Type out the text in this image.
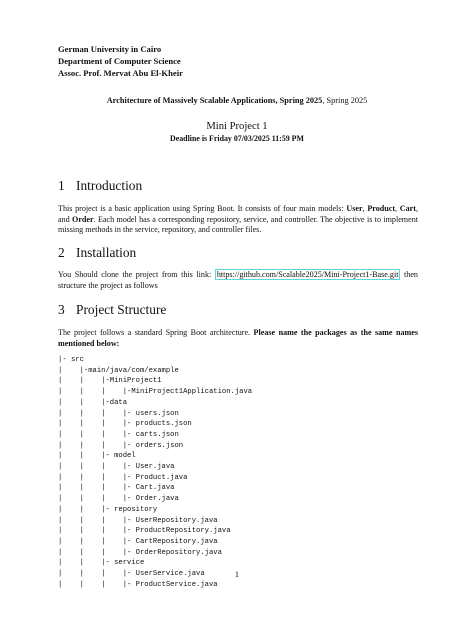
German University in Cairo
Department of Computer Science
Assoc. Prof. Mervat Abu El-Kheir
Architecture of Massively Scalable Applications, Spring 2025, Spring 2025
Mini Project 1
Deadline is Friday 07/03/2025 11:59 PM
1 Introduction
This project is a basic application using Spring Boot. It consists of four main models: User, Product, Cart, and Order. Each model has a corresponding repository, service, and controller. The objective is to implement missing methods in the service, repository, and controller files.
2 Installation
You Should clone the project from this link: https://github.com/Scalable2025/Mini-Project1-Base.git then structure the project as follows
3 Project Structure
The project follows a standard Spring Boot architecture. Please name the packages as the same names mentioned below:
|- src
|    |-main/java/com/example
|    |    |-MiniProject1
|    |    |    |-MiniProject1Application.java
|    |    |-data
|    |    |    |- users.json
|    |    |    |- products.json
|    |    |    |- carts.json
|    |    |    |- orders.json
|    |    |- model
|    |    |    |- User.java
|    |    |    |- Product.java
|    |    |    |- Cart.java
|    |    |    |- Order.java
|    |    |- repository
|    |    |    |- UserRepository.java
|    |    |    |- ProductRepository.java
|    |    |    |- CartRepository.java
|    |    |    |- OrderRepository.java
|    |    |- service
|    |    |    |- UserService.java
|    |    |    |- ProductService.java
1
